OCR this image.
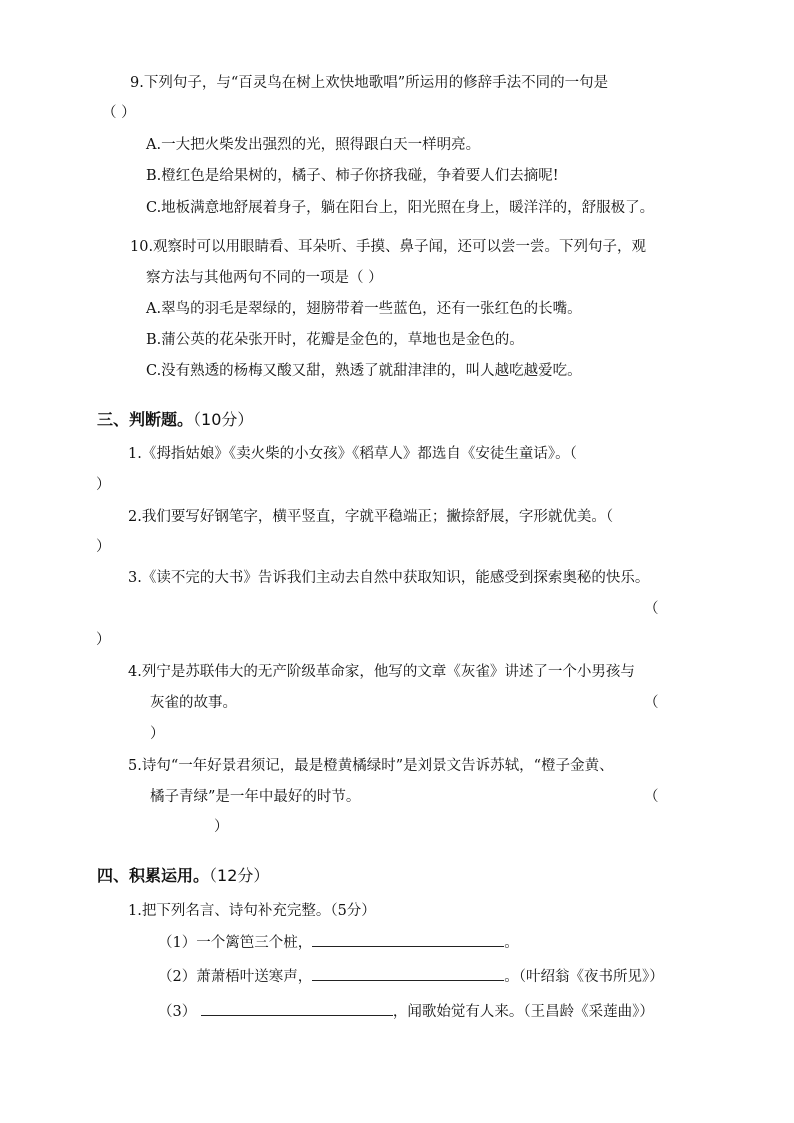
9.下列句子，与“百灵鸟在树上欢快地歌唱”所运用的修辞手法不同的一句是
（ ）
A.一大把火柴发出强烈的光，照得跟白天一样明亮。
B.橙红色是给果树的，橘子、柿子你挤我碰，争着要人们去摘呢!
C.地板满意地舒展着身子，躺在阳台上，阳光照在身上，暖洋洋的，舒服极了。
10.观察时可以用眼睛看、耳朵听、手摸、鼻子闻，还可以尝一尝。下列句子，观
察方法与其他两句不同的一项是（ ）
A.翠鸟的羽毛是翠绿的，翅膀带着一些蓝色，还有一张红色的长嘴。
B.蒲公英的花朵张开时，花瓣是金色的，草地也是金色的。
C.没有熟透的杨梅又酸又甜，熟透了就甜津津的，叫人越吃越爱吃。
三、判断题。（10分）
1.《拇指姑娘》《卖火柴的小女孩》《稻草人》都选自《安徒生童话》。（
）
2.我们要写好钢笔字，横平竖直，字就平稳端正；撇捺舒展，字形就优美。（
）
3.《读不完的大书》告诉我们主动去自然中获取知识，能感受到探索奥秘的快乐。
（
）
4.列宁是苏联伟大的无产阶级革命家，他写的文章《灰雀》讲述了一个小男孩与
灰雀的故事。	（
）
5.诗句“一年好景君须记，最是橙黄橘绿时”是刘景文告诉苏轼，“橙子金黄、
橘子青绿”是一年中最好的时节。	（
）
四、积累运用。（12分）
1.把下列名言、诗句补充完整。（5分）
（1）一个篱笆三个桩，	。
（2）萧萧梧叶送寒声，	。（叶绍翁《夜书所见》）
（3）	，闻歌始觉有人来。（王昌龄《采莲曲》）
